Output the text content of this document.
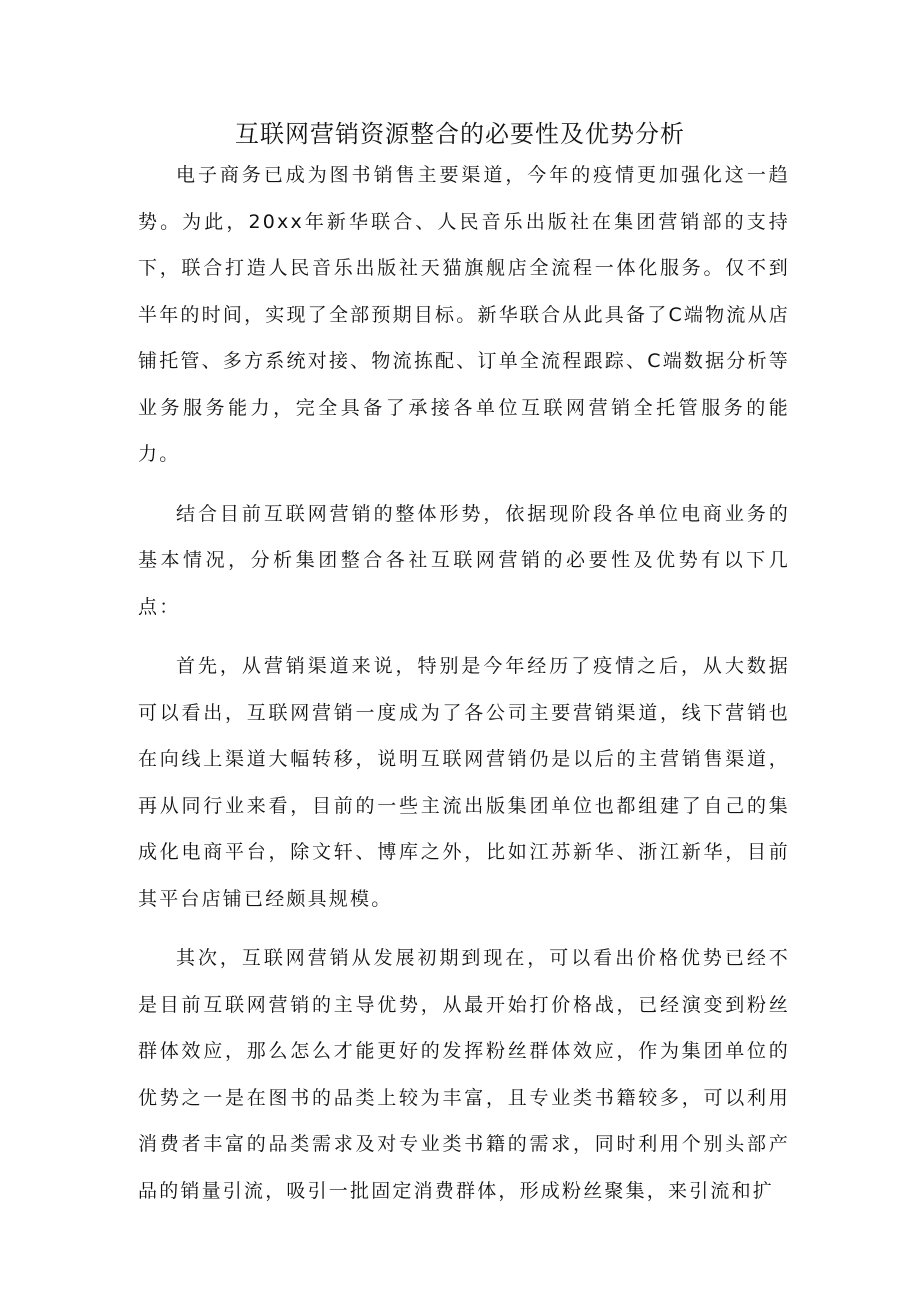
互联网营销资源整合的必要性及优势分析

电子商务已成为图书销售主要渠道，今年的疫情更加强化这一趋势。为此，20xx年新华联合、人民音乐出版社在集团营销部的支持下，联合打造人民音乐出版社天猫旗舰店全流程一体化服务。仅不到半年的时间，实现了全部预期目标。新华联合从此具备了C端物流从店铺托管、多方系统对接、物流拣配、订单全流程跟踪、C端数据分析等业务服务能力，完全具备了承接各单位互联网营销全托管服务的能力。

结合目前互联网营销的整体形势，依据现阶段各单位电商业务的基本情况，分析集团整合各社互联网营销的必要性及优势有以下几点：

首先，从营销渠道来说，特别是今年经历了疫情之后，从大数据可以看出，互联网营销一度成为了各公司主要营销渠道，线下营销也在向线上渠道大幅转移，说明互联网营销仍是以后的主营销售渠道，再从同行业来看，目前的一些主流出版集团单位也都组建了自己的集成化电商平台，除文轩、博库之外，比如江苏新华、浙江新华，目前其平台店铺已经颇具规模。

其次，互联网营销从发展初期到现在，可以看出价格优势已经不是目前互联网营销的主导优势，从最开始打价格战，已经演变到粉丝群体效应，那么怎么才能更好的发挥粉丝群体效应，作为集团单位的优势之一是在图书的品类上较为丰富，且专业类书籍较多，可以利用消费者丰富的品类需求及对专业类书籍的需求，同时利用个别头部产品的销量引流，吸引一批固定消费群体，形成粉丝聚集，来引流和扩
